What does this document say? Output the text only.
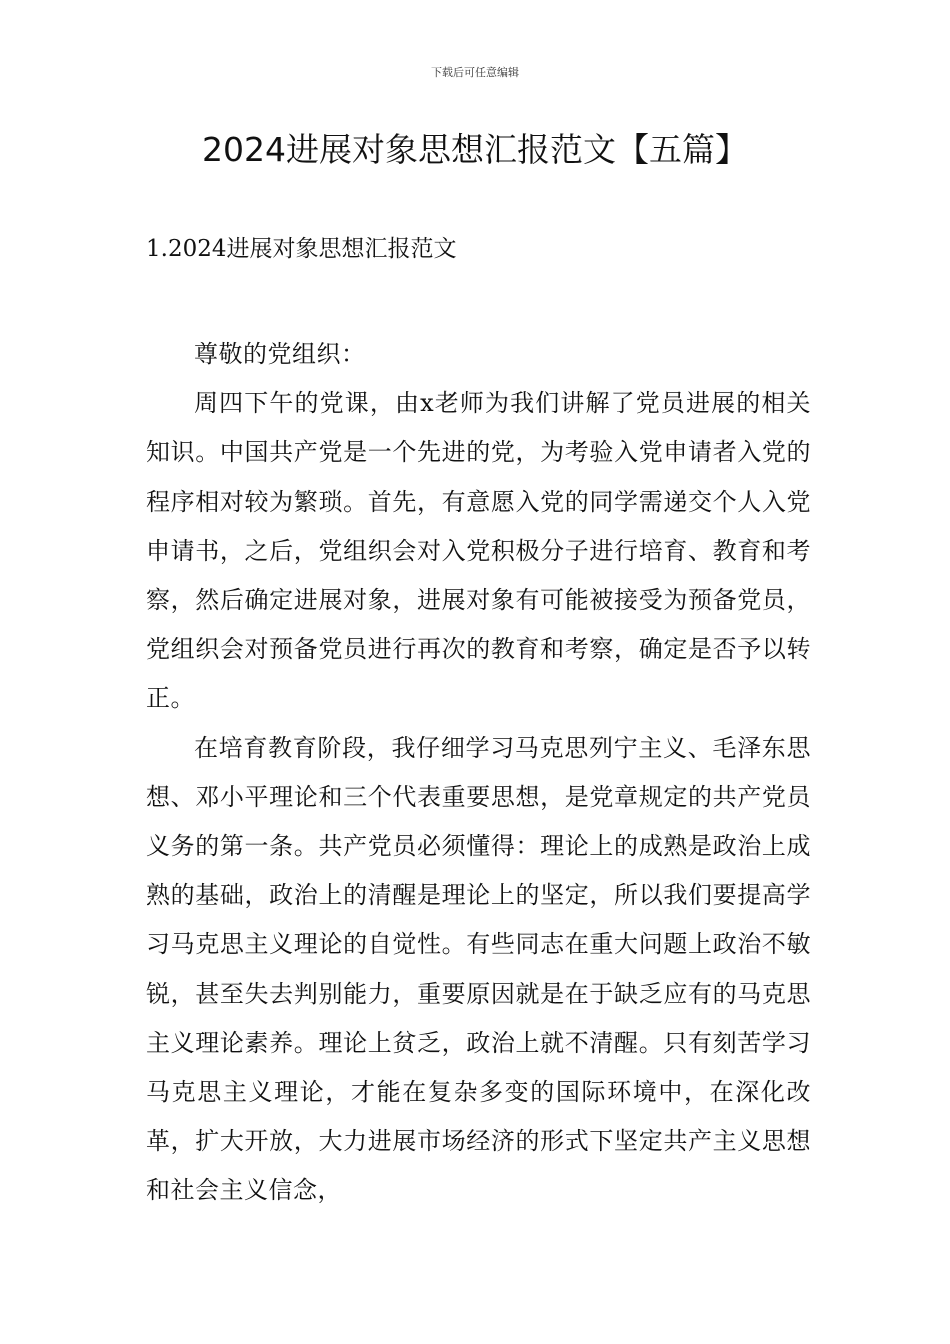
下载后可任意编辑
2024进展对象思想汇报范文【五篇】
1.2024进展对象思想汇报范文

尊敬的党组织：

周四下午的党课，由x老师为我们讲解了党员进展的相关知识。中国共产党是一个先进的党，为考验入党申请者入党的程序相对较为繁琐。首先，有意愿入党的同学需递交个人入党申请书，之后，党组织会对入党积极分子进行培育、教育和考察，然后确定进展对象，进展对象有可能被接受为预备党员，党组织会对预备党员进行再次的教育和考察，确定是否予以转正。

在培育教育阶段，我仔细学习马克思列宁主义、毛泽东思想、邓小平理论和三个代表重要思想，是党章规定的共产党员义务的第一条。共产党员必须懂得：理论上的成熟是政治上成熟的基础，政治上的清醒是理论上的坚定，所以我们要提高学习马克思主义理论的自觉性。有些同志在重大问题上政治不敏锐，甚至失去判别能力，重要原因就是在于缺乏应有的马克思主义理论素养。理论上贫乏，政治上就不清醒。只有刻苦学习马克思主义理论，才能在复杂多变的国际环境中，在深化改革，扩大开放，大力进展市场经济的形式下坚定共产主义思想和社会主义信念，
